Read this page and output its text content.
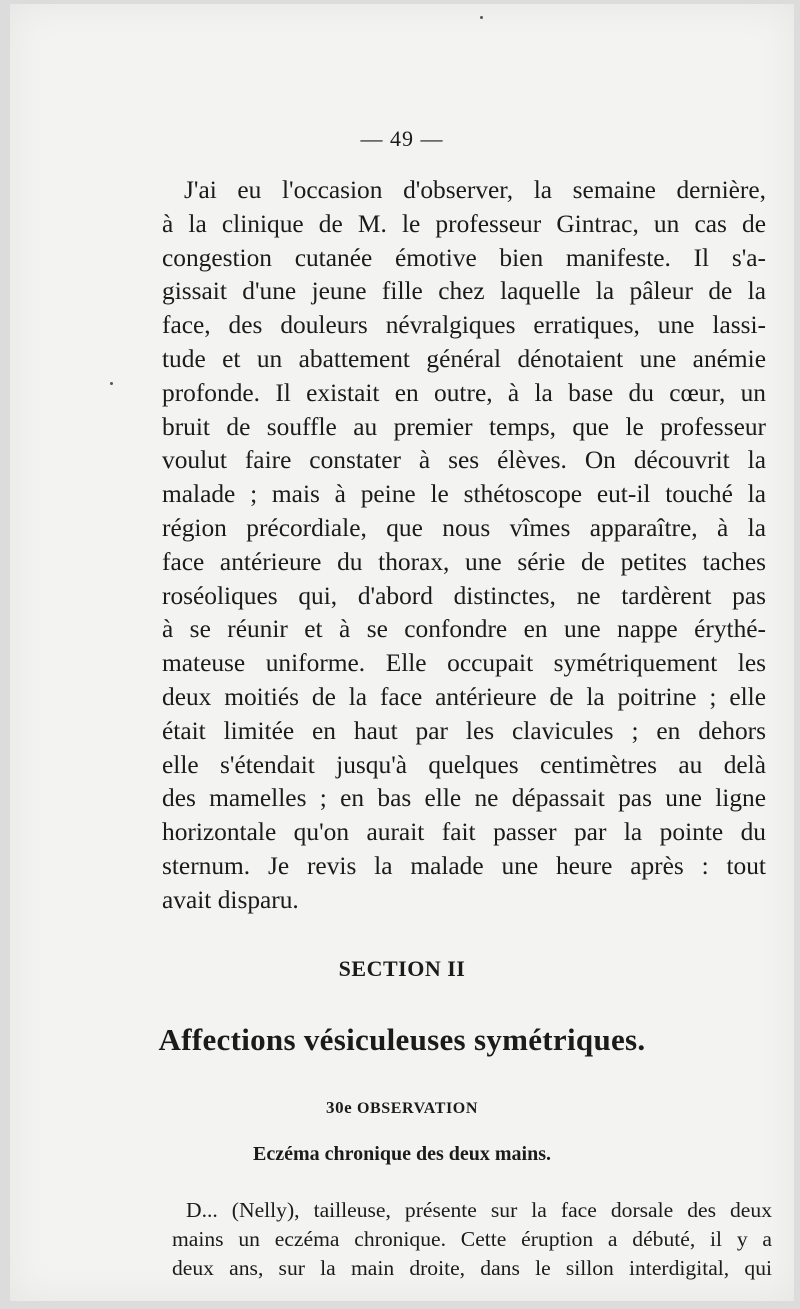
— 49 —
J'ai eu l'occasion d'observer, la semaine dernière,
à la clinique de M. le professeur Gintrac, un cas de
congestion cutanée émotive bien manifeste. Il s'a-
gissait d'une jeune fille chez laquelle la pâleur de la
face, des douleurs névralgiques erratiques, une lassi-
tude et un abattement général dénotaient une anémie
profonde. Il existait en outre, à la base du cœur, un
bruit de souffle au premier temps, que le professeur
voulut faire constater à ses élèves. On découvrit la
malade ; mais à peine le sthétoscope eut-il touché la
région précordiale, que nous vîmes apparaître, à la
face antérieure du thorax, une série de petites taches
roséoliques qui, d'abord distinctes, ne tardèrent pas
à se réunir et à se confondre en une nappe érythé-
mateuse uniforme. Elle occupait symétriquement les
deux moitiés de la face antérieure de la poitrine ; elle
était limitée en haut par les clavicules ; en dehors
elle s'étendait jusqu'à quelques centimètres au delà
des mamelles ; en bas elle ne dépassait pas une ligne
horizontale qu'on aurait fait passer par la pointe du
sternum. Je revis la malade une heure après : tout
avait disparu.
SECTION II
Affections vésiculeuses symétriques.
30e OBSERVATION
Eczéma chronique des deux mains.
D... (Nelly), tailleuse, présente sur la face dorsale des deux
mains un eczéma chronique. Cette éruption a débuté, il y a
deux ans, sur la main droite, dans le sillon interdigital, qui
